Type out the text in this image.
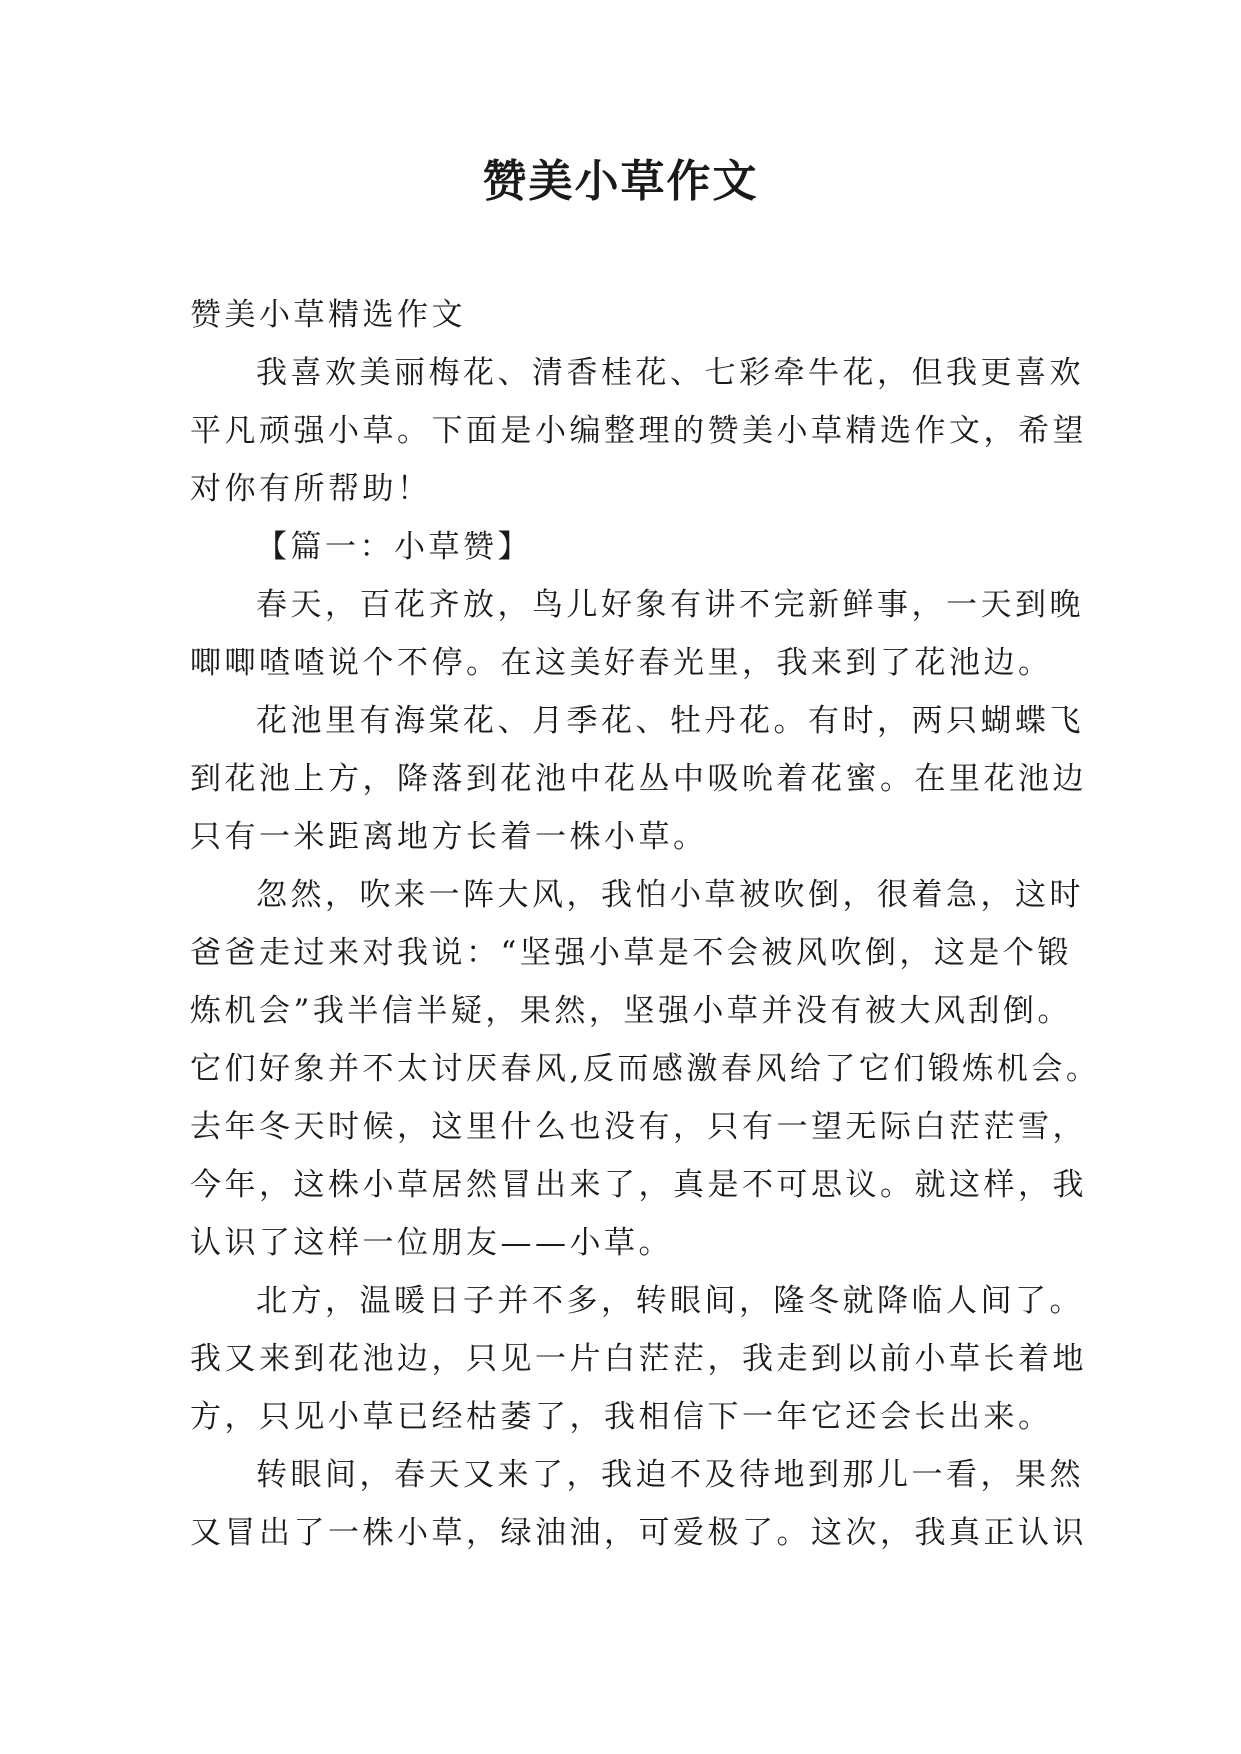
赞美小草作文
赞美小草精选作文
我喜欢美丽梅花、清香桂花、七彩牵牛花，但我更喜欢
平凡顽强小草。下面是小编整理的赞美小草精选作文，希望
对你有所帮助！
【篇一：小草赞】
春天，百花齐放，鸟儿好象有讲不完新鲜事，一天到晚
唧唧喳喳说个不停。在这美好春光里，我来到了花池边。
花池里有海棠花、月季花、牡丹花。有时，两只蝴蝶飞
到花池上方，降落到花池中花丛中吸吮着花蜜。在里花池边
只有一米距离地方长着一株小草。
忽然，吹来一阵大风，我怕小草被吹倒，很着急，这时
爸爸走过来对我说：“坚强小草是不会被风吹倒，这是个锻
炼机会”我半信半疑，果然，坚强小草并没有被大风刮倒。
它们好象并不太讨厌春风,反而感激春风给了它们锻炼机会。
去年冬天时候，这里什么也没有，只有一望无际白茫茫雪，
今年，这株小草居然冒出来了，真是不可思议。就这样，我
认识了这样一位朋友——小草。
北方，温暖日子并不多，转眼间，隆冬就降临人间了。
我又来到花池边，只见一片白茫茫，我走到以前小草长着地
方，只见小草已经枯萎了，我相信下一年它还会长出来。
转眼间，春天又来了，我迫不及待地到那儿一看，果然
又冒出了一株小草，绿油油，可爱极了。这次，我真正认识
